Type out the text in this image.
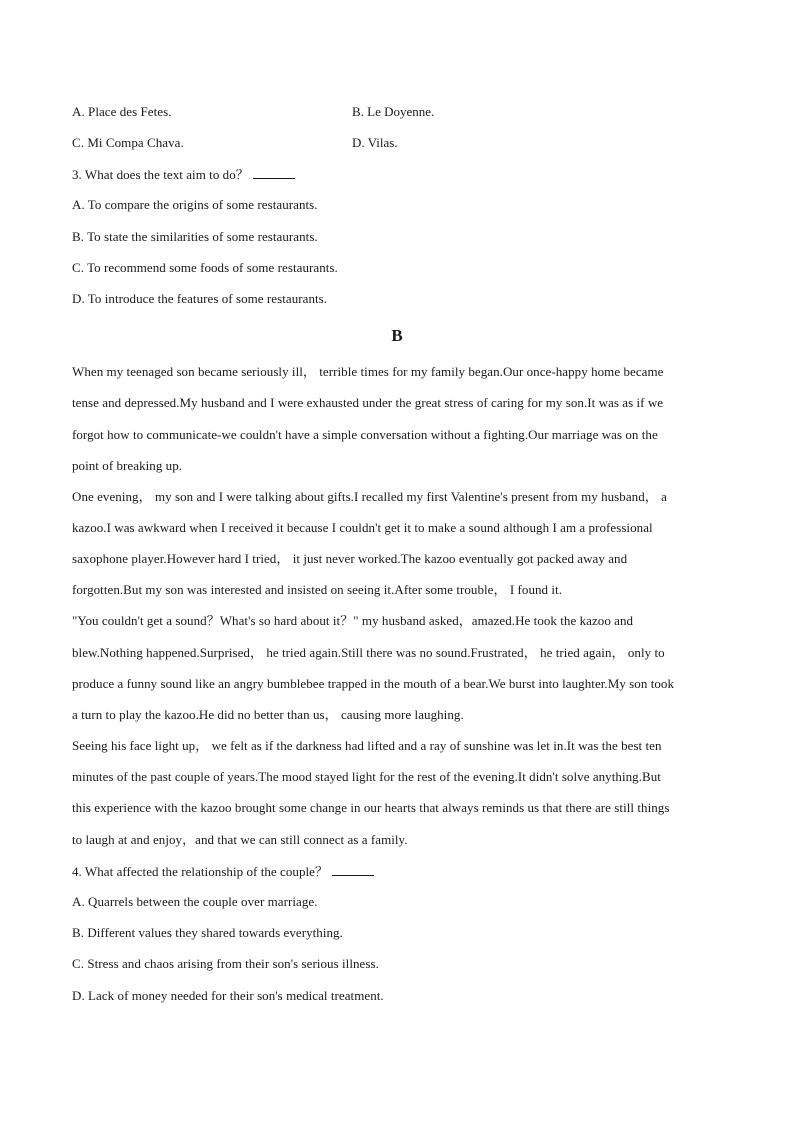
A. Place des Fetes.	B. Le Doyenne.
C. Mi Compa Chava.	D. Vilas.
3. What does the text aim to do？
A. To compare the origins of some restaurants.
B. To state the similarities of some restaurants.
C. To recommend some foods of some restaurants.
D. To introduce the features of some restaurants.
B
When my teenaged son became seriously ill， terrible times for my family began.Our once-happy home became
tense and depressed.My husband and I were exhausted under the great stress of caring for my son.It was as if we
forgot how to communicate-we couldn't have a simple conversation without a fighting.Our marriage was on the
point of breaking up.
One evening， my son and I were talking about gifts.I recalled my first Valentine's present from my husband， a
kazoo.I was awkward when I received it because I couldn't get it to make a sound although I am a professional
saxophone player.However hard I tried， it just never worked.The kazoo eventually got packed away and
forgotten.But my son was interested and insisted on seeing it.After some trouble， I found it.
"You couldn't get a sound？What's so hard about it？" my husband asked，amazed.He took the kazoo and
blew.Nothing happened.Surprised， he tried again.Still there was no sound.Frustrated， he tried again， only to
produce a funny sound like an angry bumblebee trapped in the mouth of a bear.We burst into laughter.My son took
a turn to play the kazoo.He did no better than us， causing more laughing.
Seeing his face light up， we felt as if the darkness had lifted and a ray of sunshine was let in.It was the best ten
minutes of the past couple of years.The mood stayed light for the rest of the evening.It didn't solve anything.But
this experience with the kazoo brought some change in our hearts that always reminds us that there are still things
to laugh at and enjoy，and that we can still connect as a family.
4. What affected the relationship of the couple？
A. Quarrels between the couple over marriage.
B. Different values they shared towards everything.
C. Stress and chaos arising from their son's serious illness.
D. Lack of money needed for their son's medical treatment.
